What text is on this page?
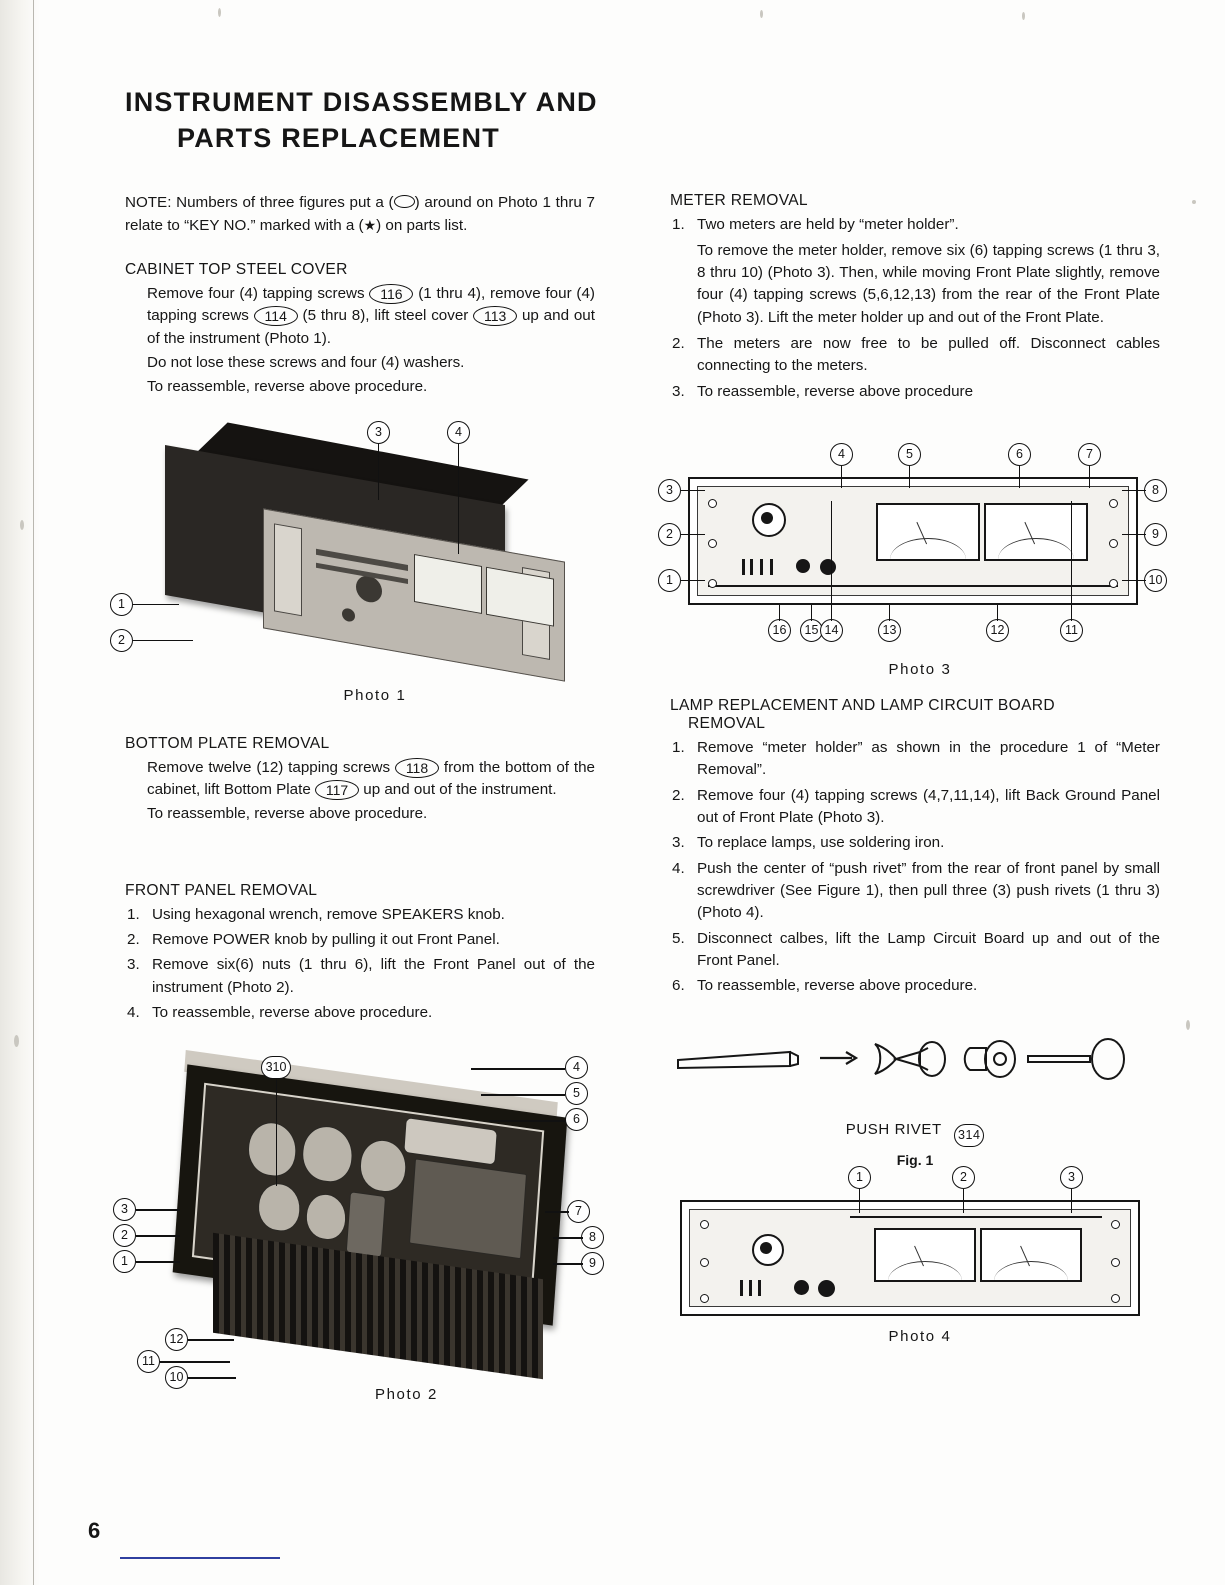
INSTRUMENT DISASSEMBLY AND
PARTS REPLACEMENT

NOTE: Numbers of three figures put a ( ) around on Photo 1 thru 7 relate to “KEY NO.” marked with a (★) on parts list.

CABINET TOP STEEL COVER

Remove four (4) tapping screws 116 (1 thru 4), remove four (4) tapping screws 114 (5 thru 8), lift steel cover 113 up and out of the instrument (Photo 1).

Do not lose these screws and four (4) washers.

To reassemble, reverse above procedure.

3	4
1
2
Photo 1
BOTTOM PLATE REMOVAL

Remove twelve (12) tapping screws 118 from the bottom of the cabinet, lift Bottom Plate 117 up and out of the instrument.

To reassemble, reverse above procedure.

FRONT PANEL REMOVAL
1. Using hexagonal wrench, remove SPEAKERS knob.
2. Remove POWER knob by pulling it out Front Panel.
3. Remove six(6) nuts (1 thru 6), lift the Front Panel out of the instrument (Photo 2).
4. To reassemble, reverse above procedure.
310	4
5
6
7
8
9
3
2
1
12
11
10
Photo 2
METER REMOVAL
1. Two meters are held by “meter holder”.

To remove the meter holder, remove six (6) tapping screws (1 thru 3, 8 thru 10) (Photo 3). Then, while moving Front Plate slightly, remove four (4) tapping screws (5,6,12,13) from the rear of the Front Plate (Photo 3). Lift the meter holder up and out of the Front Plate.

2. The meters are now free to be pulled off. Disconnect cables connecting to the meters.
3. To reassemble, reverse above procedure
4	5	6	7
3
2
1
8
9
10
16	15 14	13	12	11
Photo 3
LAMP REPLACEMENT AND LAMP CIRCUIT BOARD
REMOVAL
1. Remove “meter holder” as shown in the procedure 1 of “Meter Removal”.
2. Remove four (4) tapping screws (4,7,11,14), lift Back Ground Panel out of Front Plate (Photo 3).
3. To replace lamps, use soldering iron.
4. Push the center of “push rivet” from the rear of front panel by small screwdriver (See Figure 1), then pull three (3) push rivets (1 thru 3) (Photo 4).
5. Disconnect calbes, lift the Lamp Circuit Board up and out of the Front Panel.
6. To reassemble, reverse above procedure.
PUSH RIVET 314
Fig. 1
1	2	3
Photo 4
6
